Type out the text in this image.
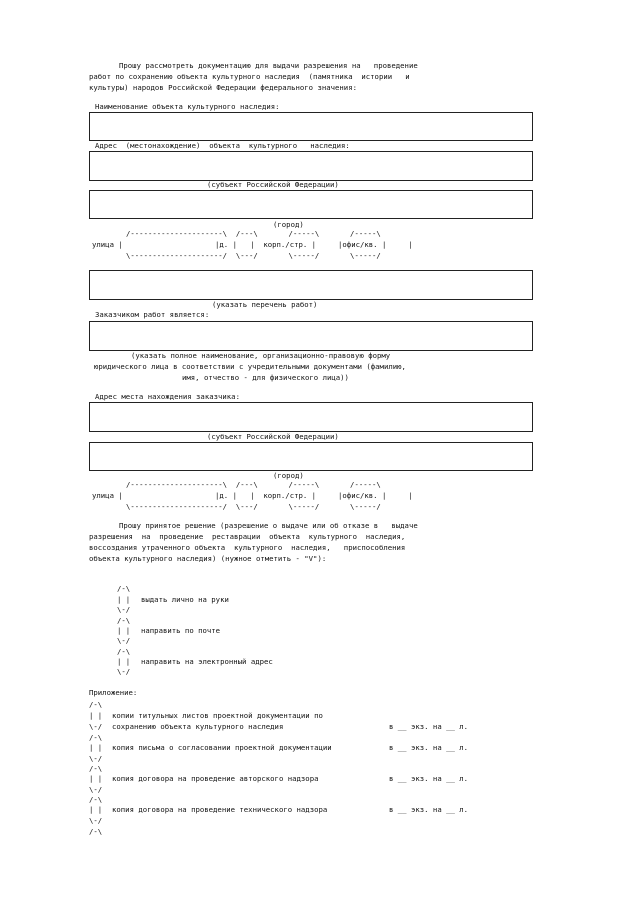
Прошу рассмотреть документацию для выдачи разрешения на   проведение
работ по сохранению объекта культурного наследия  (памятника  истории   и
культуры) народов Российской Федерации федерального значения:
Наименование объекта культурного наследия:
Адрес  (местонахождение)  объекта  культурного   наследия:
(субъект Российской Федерации)
(город)
/---------------------\  /---\       /-----\       /-----\
улица |                     |д. |   |  корп./стр. |     |офис/кв. |     |
\---------------------/  \---/       \-----/       \-----/
(указать перечень работ)
Заказчиком работ является:
(указать полное наименование, организационно-правовую форму
юридического лица в соответствии с учредительными документами (фамилию,
имя, отчество - для физического лица))
Адрес места нахождения заказчика:
(субъект Российской Федерации)
(город)
/---------------------\  /---\       /-----\       /-----\
улица |                     |д. |   |  корп./стр. |     |офис/кв. |     |
\---------------------/  \---/       \-----/       \-----/
Прошу принятое решение (разрешение о выдаче или об отказе в   выдаче
разрешения  на  проведение  реставрации  объекта  культурного  наследия,
воссоздания утраченного объекта  культурного  наследия,   приспособления
объекта культурного наследия) (нужное отметить - "V"):
/-\
| | выдать лично на руки
\-/
/-\
| | направить по почте
\-/
/-\
| | направить на электронный адрес
\-/
Приложение:
/-\
| | копии титульных листов проектной документации по
\-/ сохранению объекта культурного наследия	в __ экз. на __ л.
/-\
| | копия письма о согласовании проектной документации	в __ экз. на __ л.
\-/
/-\
| | копия договора на проведение авторского надзора	в __ экз. на __ л.
\-/
/-\
| | копия договора на проведение технического надзора	в __ экз. на __ л.
\-/
/-\
